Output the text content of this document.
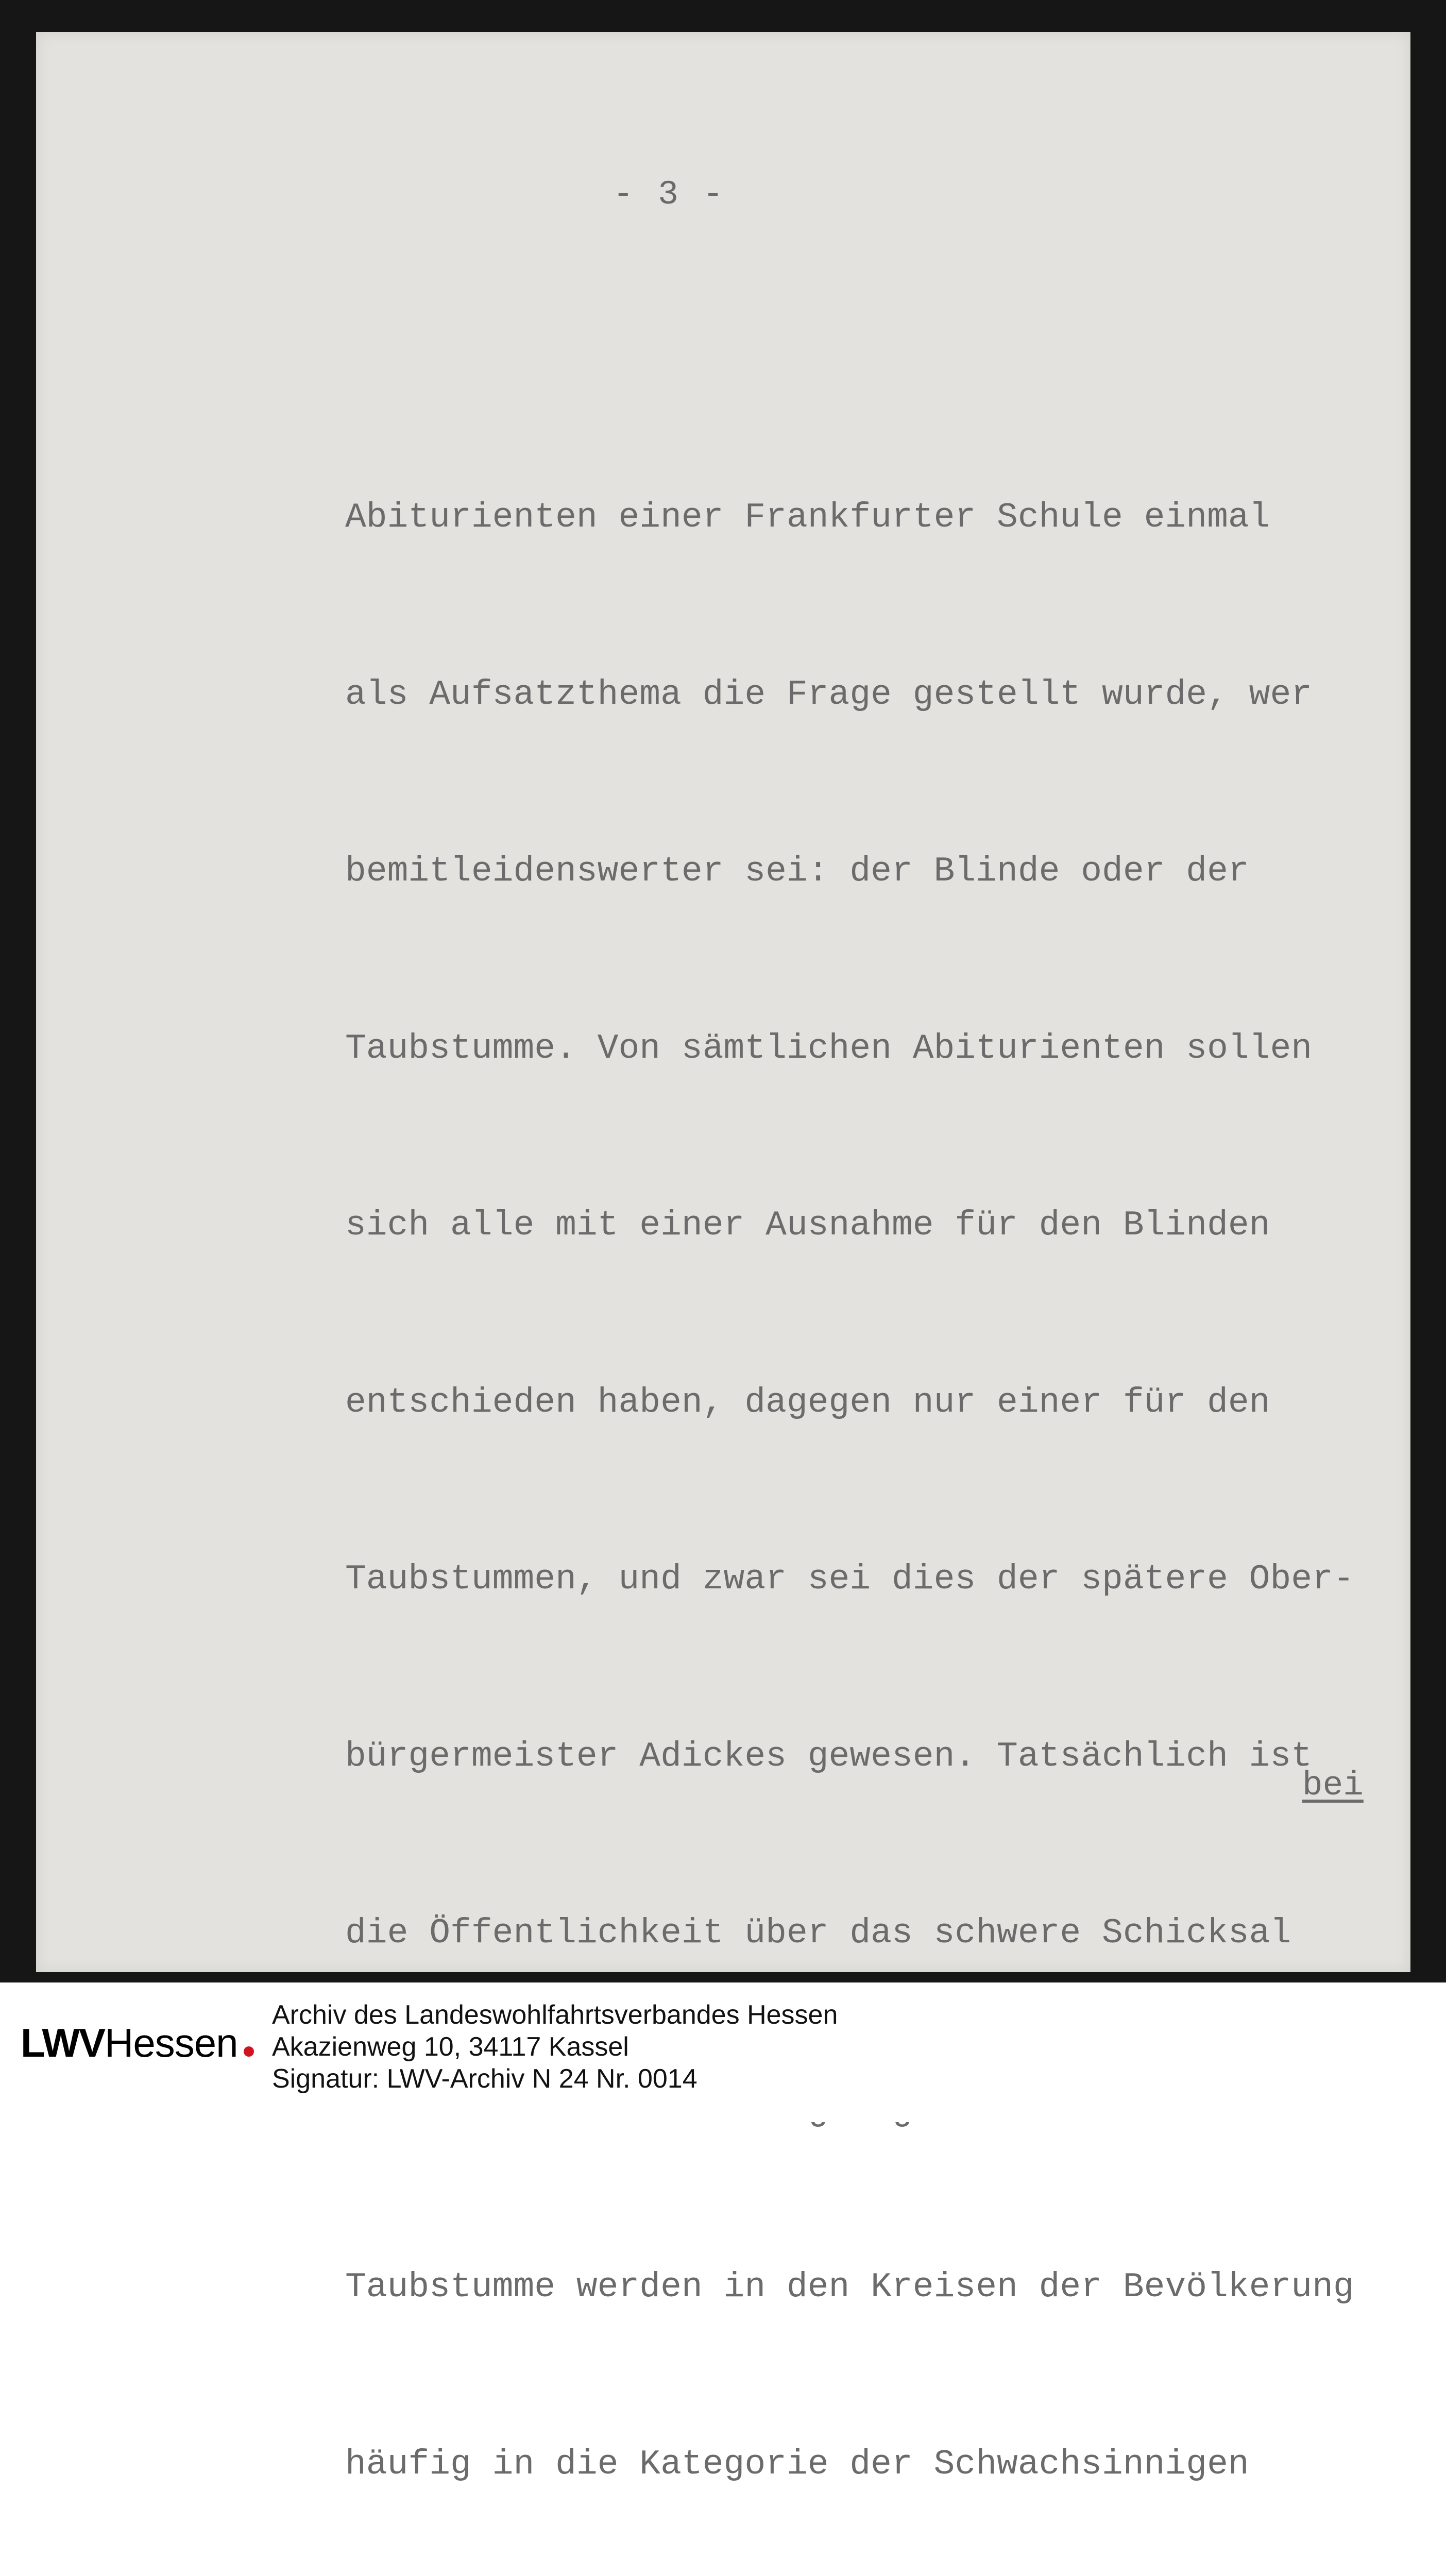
- 3 -

Abiturienten einer Frankfurter Schule einmal

als Aufsatzthema die Frage gestellt wurde, wer

bemitleidenswerter sei: der Blinde oder der

Taubstumme. Von sämtlichen Abiturienten sollen

sich alle mit einer Ausnahme für den Blinden

entschieden haben, dagegen nur einer für den

Taubstummen, und zwar sei dies der spätere Ober-

bürgermeister Adickes gewesen. Tatsächlich ist

die Öffentlichkeit über das schwere Schicksal

Taubstumme werden in den Kreisen der Bevölkerung

häufig in die Kategorie der Schwachsinnigen

bei
LWV Hessen
Archiv des Landeswohlfahrtsverbandes Hessen
Akazienweg 10, 34117 Kassel
Signatur: LWV-Archiv N 24 Nr. 0014
